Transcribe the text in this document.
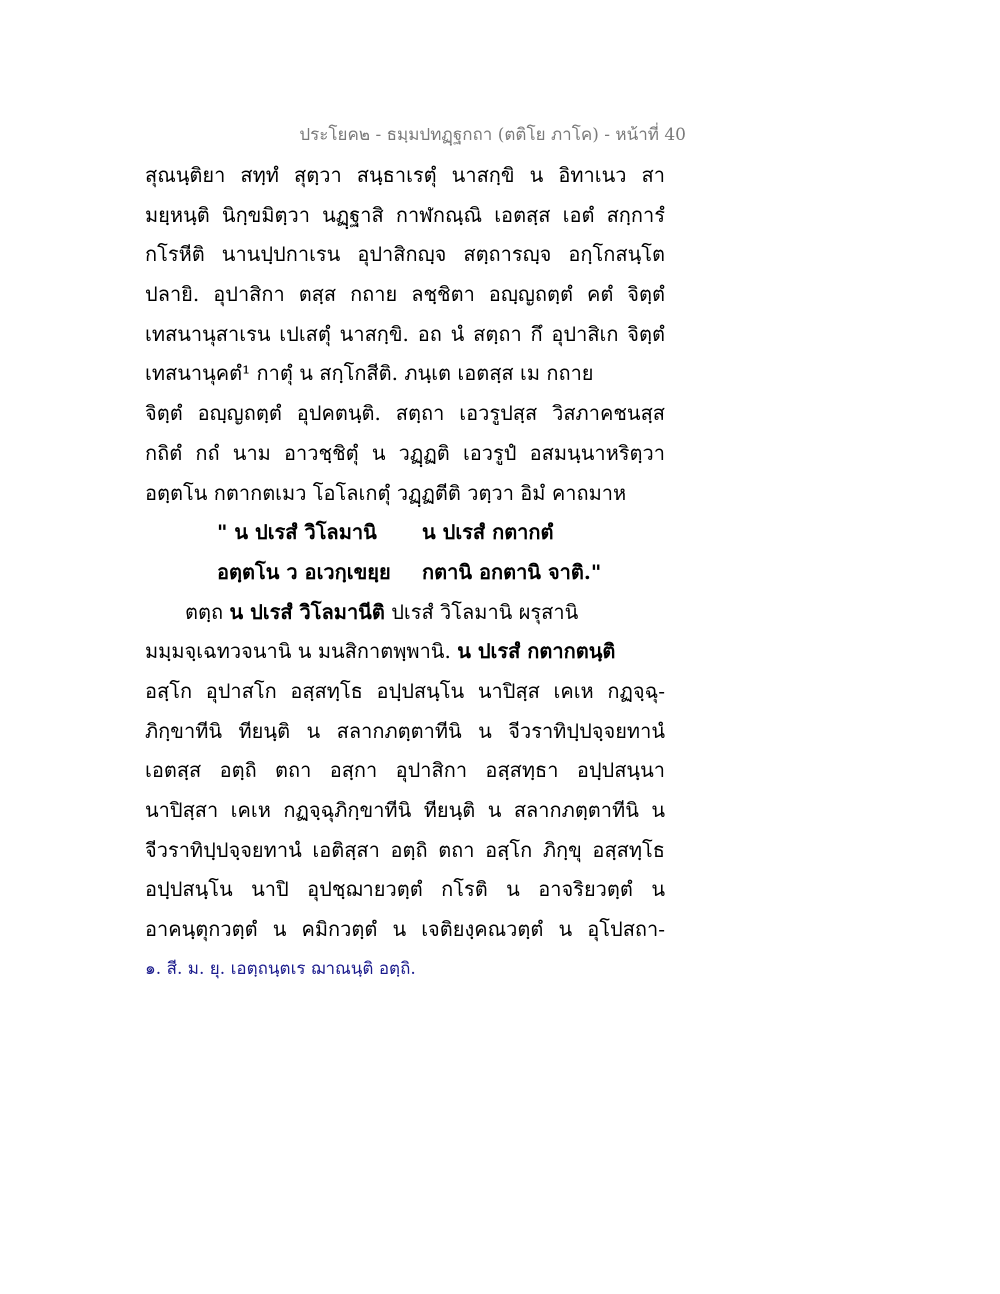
ประโยค๒ - ธมฺมปทฏฺฐกถา (ตติโย ภาโค) - หน้าที่ 40
สุณนฺติยา สทฺทํ สุตฺวา สนฺธาเรตุํ นาสกฺขิ น อิทาเนว สา
มยฺหนฺติ นิกฺขมิตฺวา นฏฺฐาสิ กาฬกณฺณิ เอตสฺส เอตํ สกฺการํ
กโรหีติ นานปฺปกาเรน อุปาสิกญฺจ สตฺถารญฺจ อกฺโกสนฺโต
ปลายิ. อุปาสิกา ตสฺส กถาย ลชฺชิตา อญฺญถตฺตํ คตํ จิตฺตํ
เทสนานุสาเรน เปเสตุํ นาสกฺขิ. อถ นํ สตฺถา กึ อุปาสิเก จิตฺตํ
เทสนานุคตํ¹ กาตุํ น สกฺโกสีติ. ภนฺเต เอตสฺส เม กถาย
จิตฺตํ อญฺญถตฺตํ อุปคตนฺติ. สตฺถา เอวรูปสฺส วิสภาคชนสฺส
กถิตํ กถํ นาม อาวชฺชิตุํ น วฏฺฏติ เอวรูปํ อสมนฺนาหริตฺวา
อตฺตโน กตากตเมว โอโลเกตุํ วฏฺฏตีติ วตฺวา อิมํ คาถมาห
" น ปเรสํ วิโลมานิ	น ปเรสํ กตากตํ
อตฺตโน ว อเวกฺเขยฺย	กตานิ อกตานิ จาติ."
ตตฺถ น ปเรสํ วิโลมานีติ ปเรสํ วิโลมานิ ผรุสานิ
มมฺมจฺเฉทวจนานิ น มนสิกาตพฺพานิ. น ปเรสํ กตากตนฺติ
อสฺโก อุปาสโก อสฺสทฺโธ อปฺปสนฺโน นาปิสฺส เคเห กฏจฺฉุ-
ภิกฺขาทีนิ ทียนฺติ น สลากภตฺตาทีนิ น จีวราทิปฺปจฺจยทานํ
เอตสฺส อตฺถิ ตถา อสฺกา อุปาสิกา อสฺสทฺธา อปฺปสนฺนา
นาปิสฺสา เคเห กฏจฺฉุภิกฺขาทีนิ ทียนฺติ น สลากภตฺตาทีนิ น
จีวราทิปฺปจฺจยทานํ เอติสฺสา อตฺถิ ตถา อสฺโก ภิกฺขุ อสฺสทฺโธ
อปฺปสนฺโน นาปิ อุปชฺฌายวตฺตํ กโรติ น อาจริยวตฺตํ น
อาคนฺตุกวตฺตํ น คมิกวตฺตํ น เจติยงฺคณวตฺตํ น อุโปสถา-
๑. สี. ม. ยุ. เอตฺถนฺตเร ฌาณนฺติ อตฺถิ.
